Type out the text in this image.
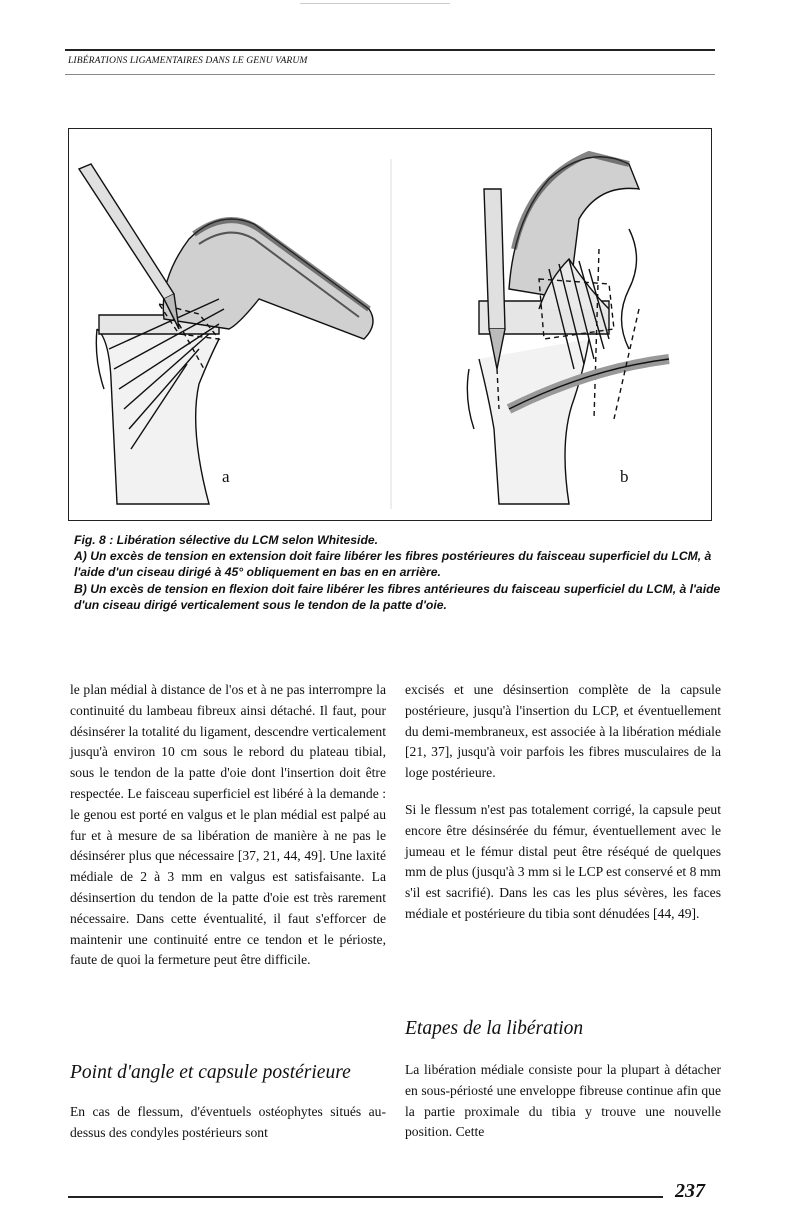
LIBÉRATIONS LIGAMENTAIRES DANS LE GENU VARUM
a	b

Fig. 8 : Libération sélective du LCM selon Whiteside.

A) Un excès de tension en extension doit faire libérer les fibres postérieures du faisceau superficiel du LCM, à l'aide d'un ciseau dirigé à 45° obliquement en bas en en arrière.

B) Un excès de tension en flexion doit faire libérer les fibres antérieures du faisceau superficiel du LCM, à l'aide d'un ciseau dirigé verticalement sous le tendon de la patte d'oie.

le plan médial à distance de l'os et à ne pas interrompre la continuité du lambeau fibreux ainsi détaché. Il faut, pour désinsérer la totalité du ligament, descendre verticalement jusqu'à environ 10 cm sous le rebord du plateau tibial, sous le tendon de la patte d'oie dont l'insertion doit être respectée. Le faisceau superficiel est libéré à la demande : le genou est porté en valgus et le plan médial est palpé au fur et à mesure de sa libération de manière à ne pas le désinsérer plus que nécessaire [37, 21, 44, 49]. Une laxité médiale de 2 à 3 mm en valgus est satisfaisante. La désinsertion du tendon de la patte d'oie est très rarement nécessaire. Dans cette éventualité, il faut s'efforcer de maintenir une continuité entre ce tendon et le périoste, faute de quoi la fermeture peut être difficile.

Point d'angle et capsule postérieure

En cas de flessum, d'éventuels ostéophytes situés au-dessus des condyles postérieurs sont

excisés et une désinsertion complète de la capsule postérieure, jusqu'à l'insertion du LCP, et éventuellement du demi-membraneux, est associée à la libération médiale [21, 37], jusqu'à voir parfois les fibres musculaires de la loge postérieure.

Si le flessum n'est pas totalement corrigé, la capsule peut encore être désinsérée du fémur, éventuellement avec le jumeau et le fémur distal peut être réséqué de quelques mm de plus (jusqu'à 3 mm si le LCP est conservé et 8 mm s'il est sacrifié). Dans les cas les plus sévères, les faces médiale et postérieure du tibia sont dénudées [44, 49].

Etapes de la libération

La libération médiale consiste pour la plupart à détacher en sous-périosté une enveloppe fibreuse continue afin que la partie proximale du tibia y trouve une nouvelle position. Cette

237
